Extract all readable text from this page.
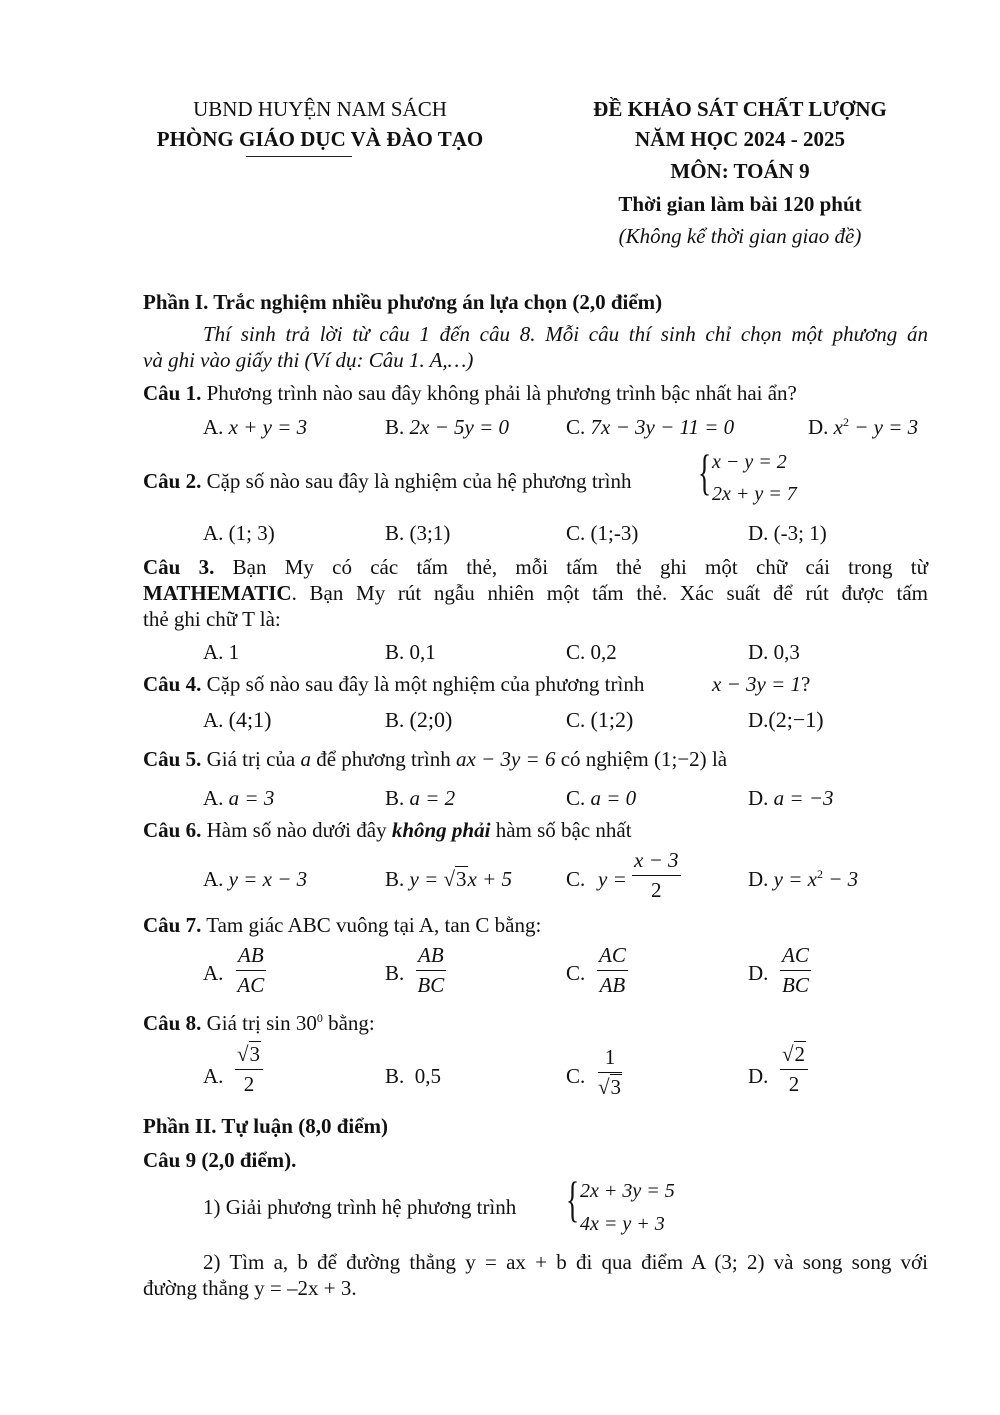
UBND HUYỆN NAM SÁCH
PHÒNG GIÁO DỤC VÀ ĐÀO TẠO
ĐỀ KHẢO SÁT CHẤT LƯỢNG
NĂM HỌC 2024 - 2025
MÔN: TOÁN 9
Thời gian làm bài 120 phút
(Không kể thời gian giao đề)
Phần I. Trắc nghiệm nhiều phương án lựa chọn (2,0 điểm)
Thí sinh trả lời từ câu 1 đến câu 8. Mỗi câu thí sinh chỉ chọn một phương án
và ghi vào giấy thi (Ví dụ: Câu 1. A,…)
Câu 1. Phương trình nào sau đây không phải là phương trình bậc nhất hai ẩn?
A. x + y = 3	B. 2x − 5y = 0	C. 7x − 3y − 11 = 0	D. $x^2 - y = 3$
Câu 2. Cặp số nào sau đây là nghiệm của hệ phương trình { x − y = 2
2x + y = 7
A. (1; 3)	B. (3;1)	C. (1;-3)	D. (-3; 1)
Câu 3. Bạn My có các tấm thẻ, mỗi tấm thẻ ghi một chữ cái trong từ
MATHEMATIC. Bạn My rút ngẫu nhiên một tấm thẻ. Xác suất để rút được tấm
thẻ ghi chữ T là:
A. 1	B. 0,1	C. 0,2	D. 0,3
Câu 4. Cặp số nào sau đây là một nghiệm của phương trình	x − 3y = 1?
A. (4;1)	B. (2;0)	C. (1;2)	D.(2;−1)
Câu 5. Giá trị của a để phương trình ax − 3y = 6 có nghiệm (1;−2) là
A. a = 3	B. a = 2	C. a = 0	D. a = −3
Câu 6. Hàm số nào dưới đây không phải hàm số bậc nhất
A. y = x − 3	B. y = √3x + 5	C. y =
x − 3
2	D. $y = x^2 - 3$
Câu 7. Tam giác ABC vuông tại A, tan C bằng:
A.
AB
AC
B.
AB
BC
C.
AC
AB
D.
AC
BC
Câu 8. Giá trị $\sin 30^0$ bằng:
A.
√3
2	B. 0,5	C.
1
√3	D.
√2
2
Phần II. Tự luận (8,0 điểm)
Câu 9 (2,0 điểm).
1) Giải phương trình hệ phương trình { 2x + 3y = 5
4x = y + 3
2) Tìm a, b để đường thẳng y = ax + b đi qua điểm A (3; 2) và song song với
đường thẳng y = –2x + 3.
